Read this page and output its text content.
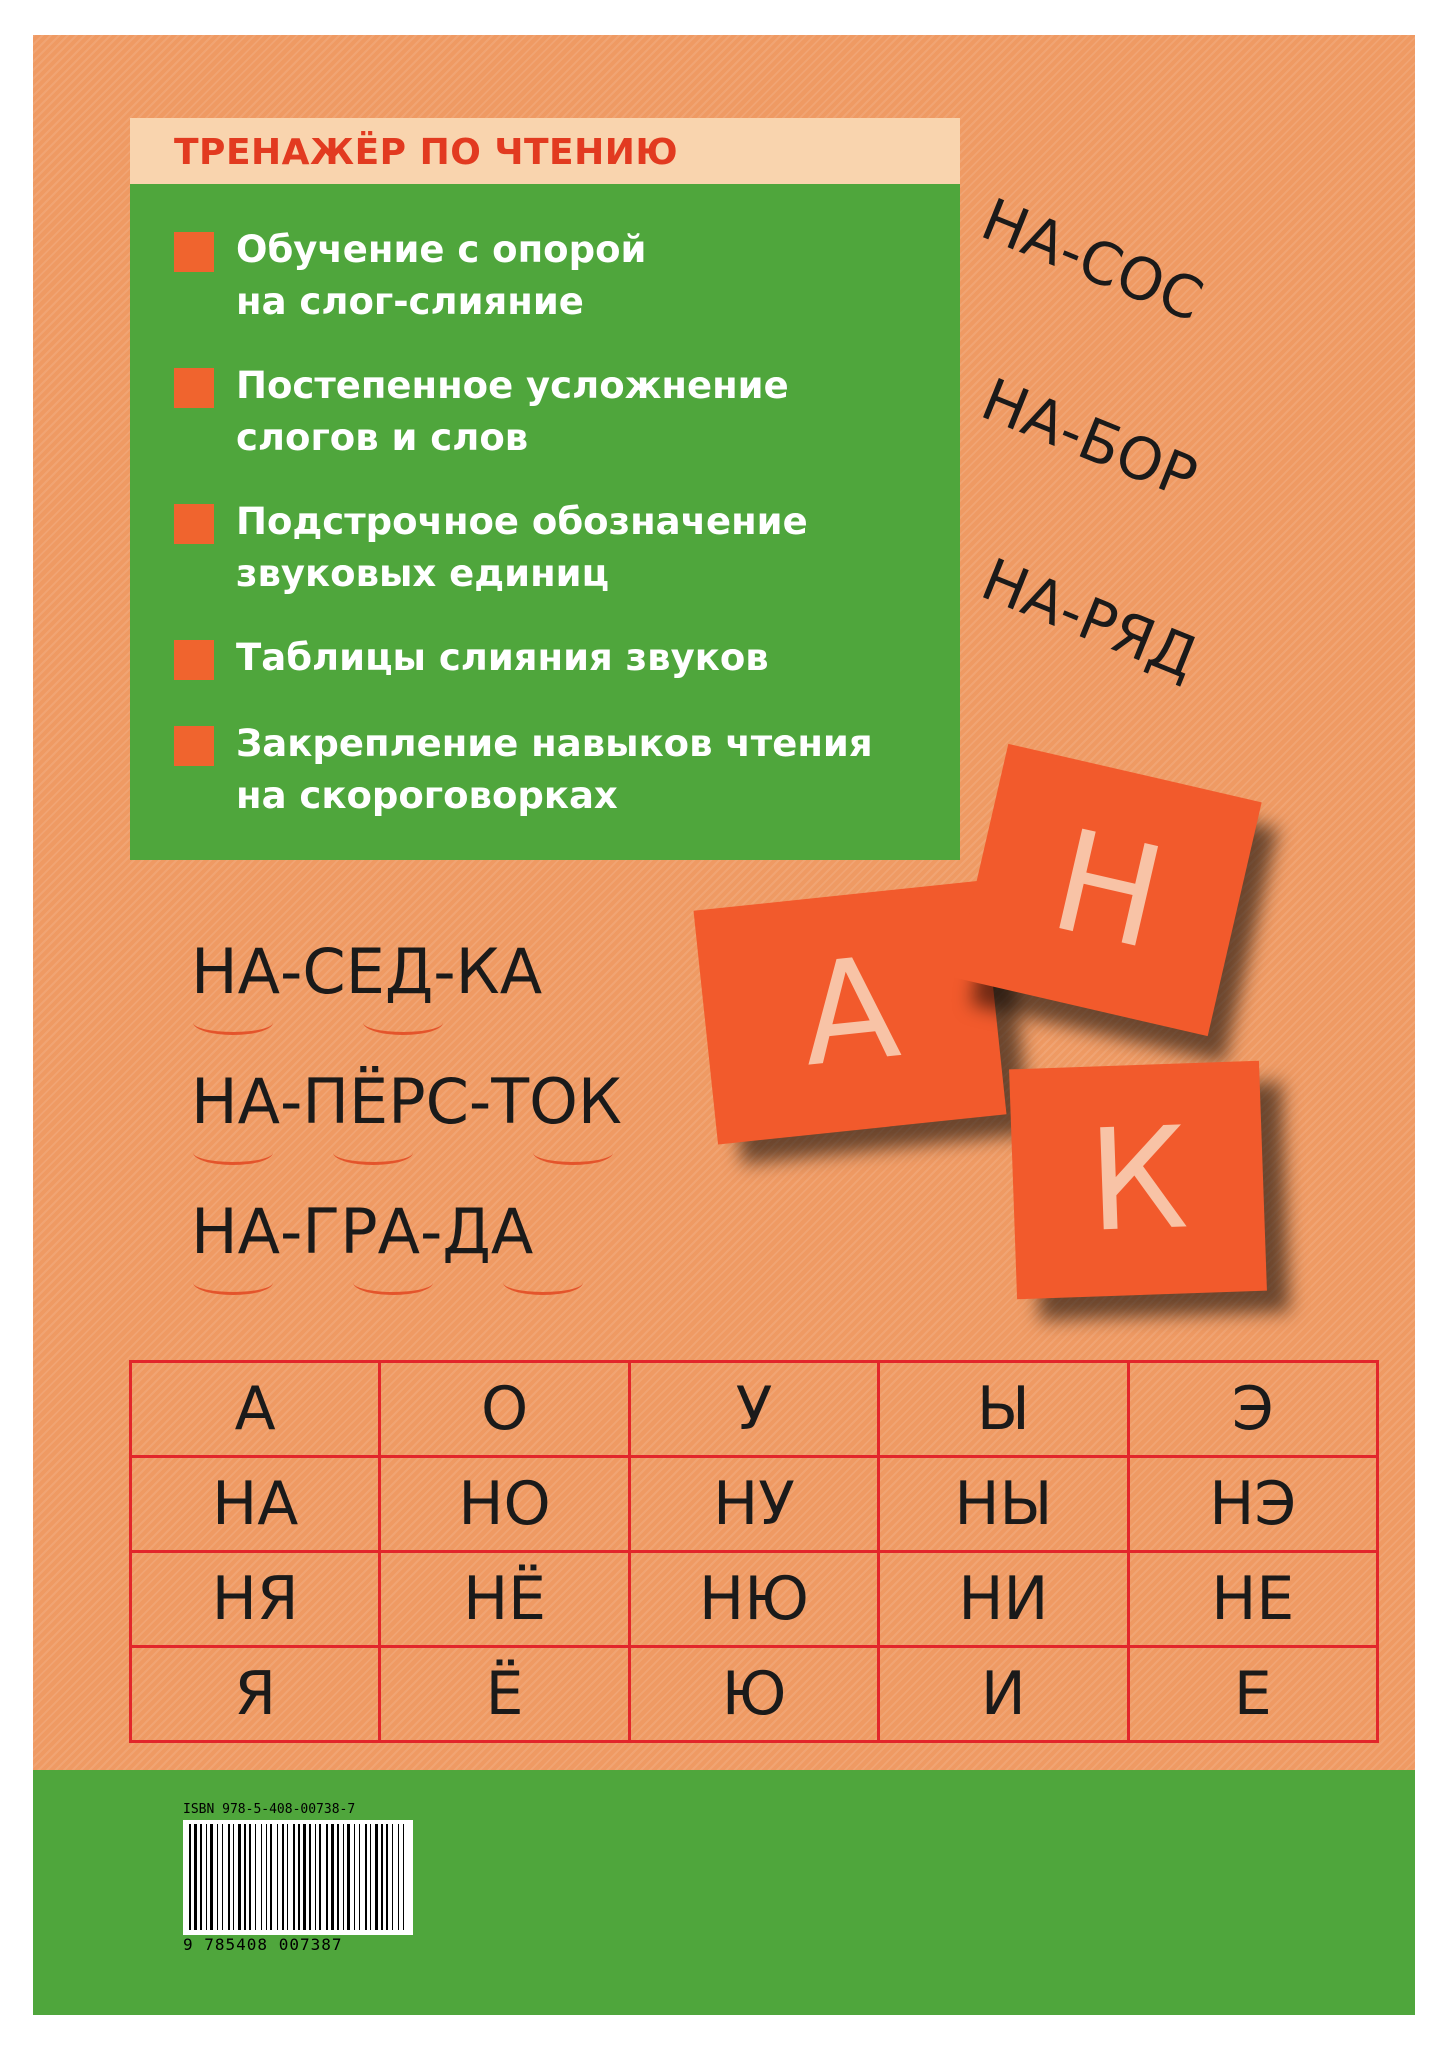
ТРЕНАЖЁР ПО ЧТЕНИЮ
Обучение с опорой
на слог-слияние
Постепенное усложнение
слогов и слов
Подстрочное обозначение
звуковых единиц
Таблицы слияния звуков
Закрепление навыков чтения
на скороговорках
НА-СОС
НА-БОР
НА-РЯД
НА-СЕД-КА
НА-ПЁРС-ТОК
НА-ГРА-ДА
А
Н
К
А	О	У	Ы	Э
НА	НО	НУ	НЫ	НЭ
НЯ	НЁ	НЮ	НИ	НЕ
Я	Ё	Ю	И	Е
ISBN 978-5-408-00738-7
9 785408 007387
